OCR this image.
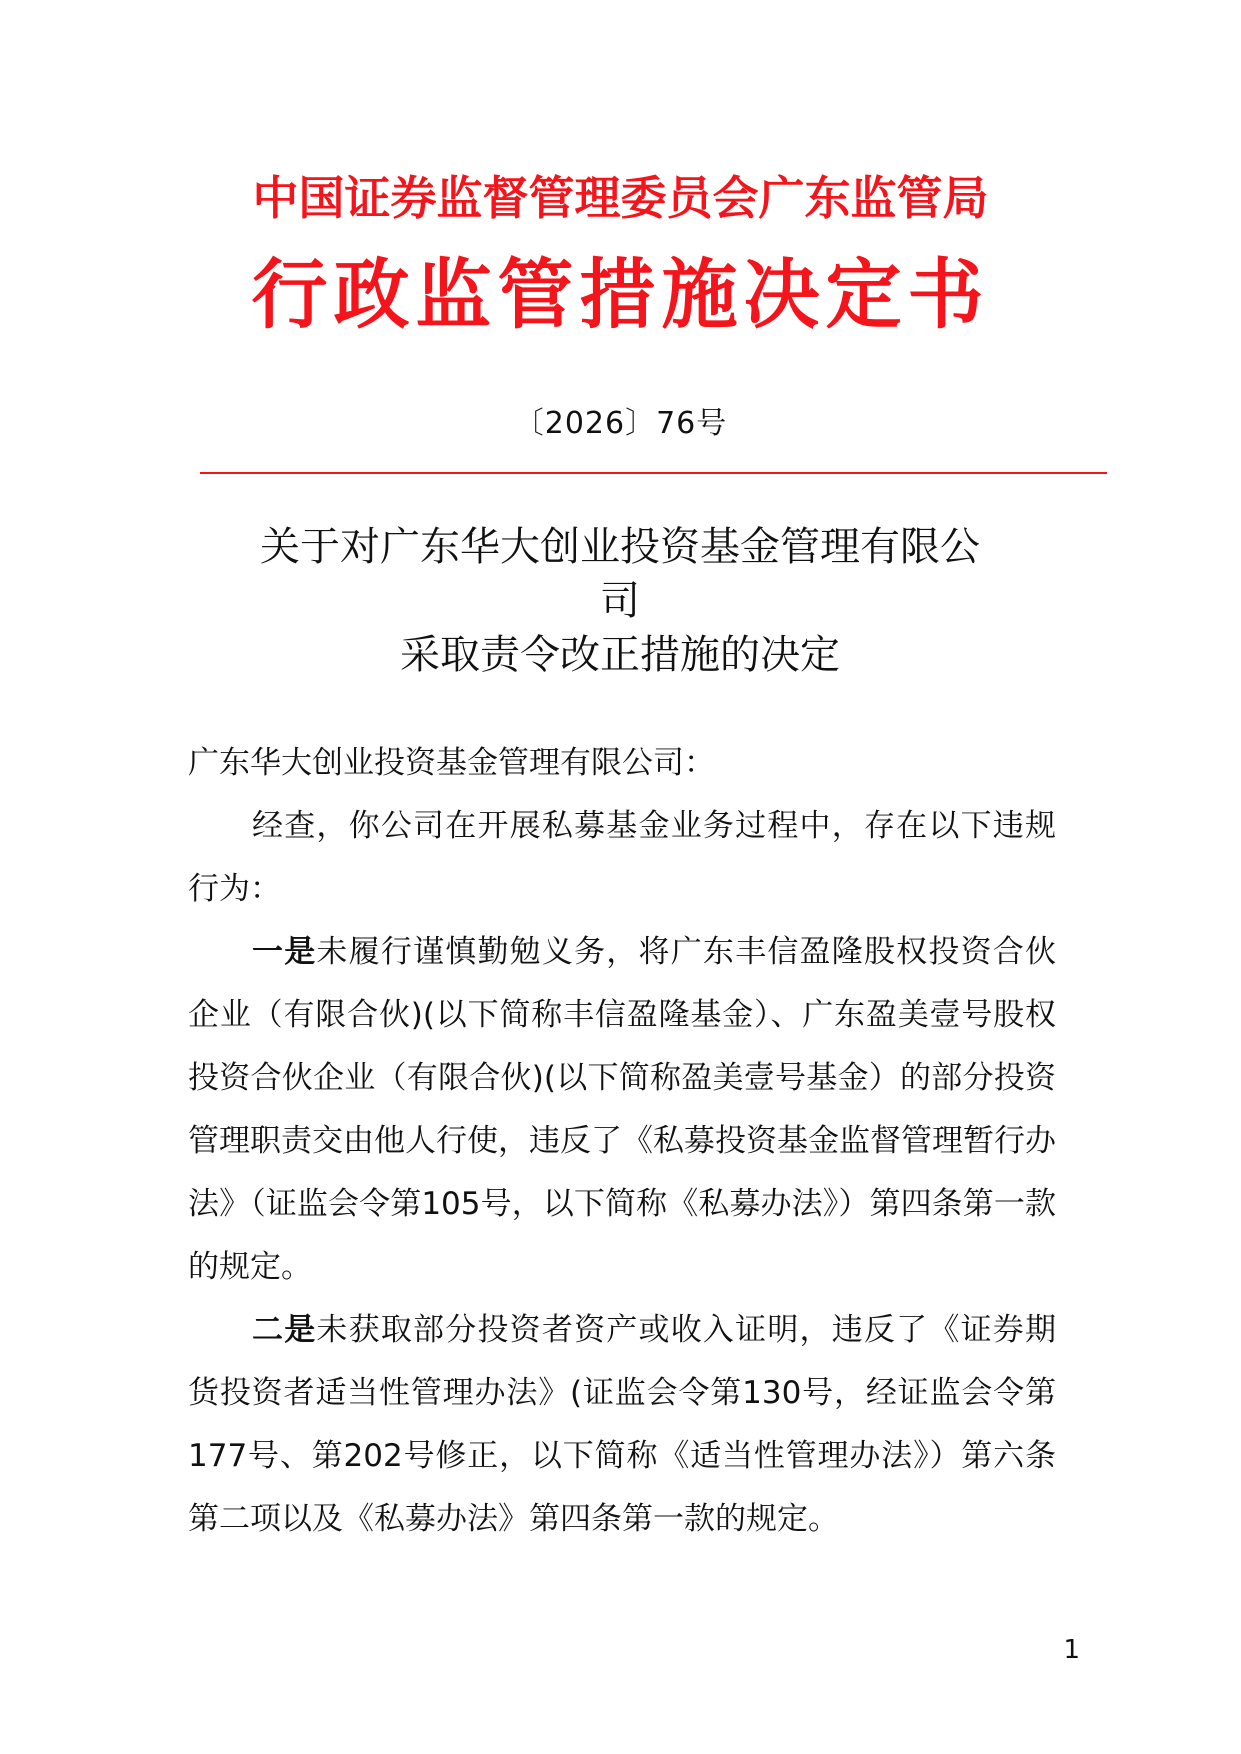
中国证券监督管理委员会广东监管局
行政监管措施决定书
〔2026〕76号
关于对广东华大创业投资基金管理有限公
司
采取责令改正措施的决定

广东华大创业投资基金管理有限公司：

经查，你公司在开展私募基金业务过程中，存在以下违规行为：

一是未履行谨慎勤勉义务，将广东丰信盈隆股权投资合伙企业（有限合伙)(以下简称丰信盈隆基金）、广东盈美壹号股权投资合伙企业（有限合伙)(以下简称盈美壹号基金）的部分投资管理职责交由他人行使，违反了《私募投资基金监督管理暂行办法》（证监会令第105号，以下简称《私募办法》）第四条第一款的规定。

二是未获取部分投资者资产或收入证明，违反了《证券期货投资者适当性管理办法》(证监会令第130号，经证监会令第177号、第202号修正，以下简称《适当性管理办法》）第六条第二项以及《私募办法》第四条第一款的规定。

1
